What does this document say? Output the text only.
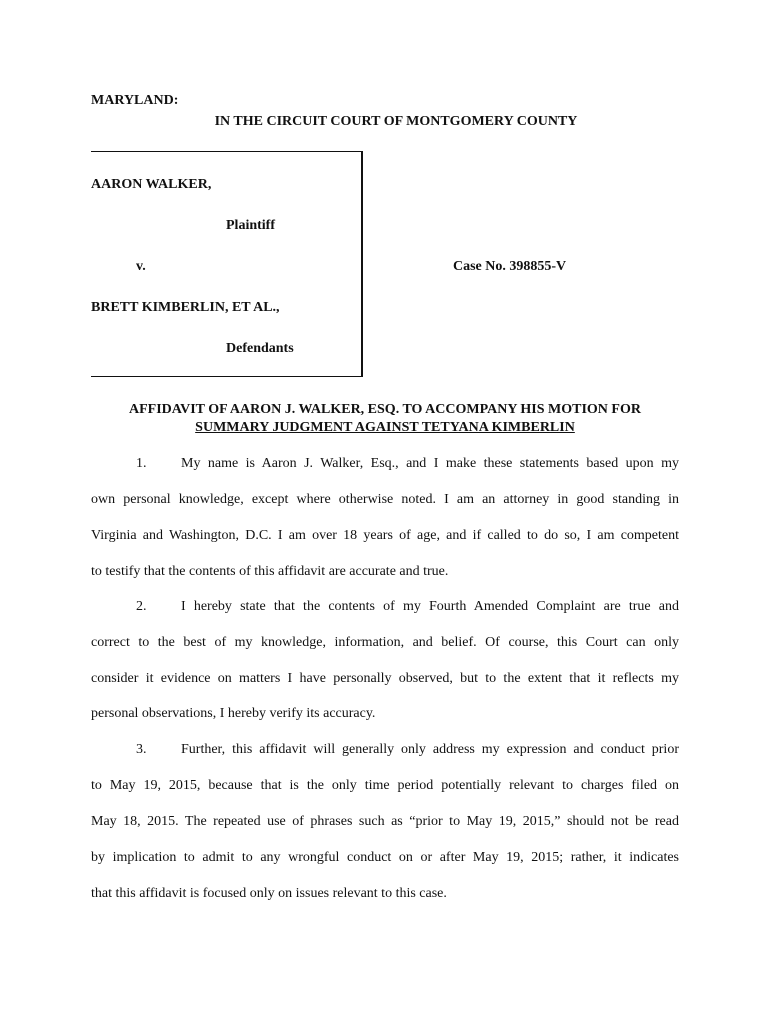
MARYLAND:
IN THE CIRCUIT COURT OF MONTGOMERY COUNTY
AARON WALKER,
Plaintiff
v.	Case No. 398855-V
BRETT KIMBERLIN, ET AL.,
Defendants
AFFIDAVIT OF AARON J. WALKER, ESQ. TO ACCOMPANY HIS MOTION FOR
SUMMARY JUDGMENT AGAINST TETYANA KIMBERLIN
1. My name is Aaron J. Walker, Esq., and I make these statements based upon my
own personal knowledge, except where otherwise noted. I am an attorney in good standing in
Virginia and Washington, D.C. I am over 18 years of age, and if called to do so, I am competent
to testify that the contents of this affidavit are accurate and true.
2. I hereby state that the contents of my Fourth Amended Complaint are true and
correct to the best of my knowledge, information, and belief. Of course, this Court can only
consider it evidence on matters I have personally observed, but to the extent that it reflects my
personal observations, I hereby verify its accuracy.
3. Further, this affidavit will generally only address my expression and conduct prior
to May 19, 2015, because that is the only time period potentially relevant to charges filed on
May 18, 2015. The repeated use of phrases such as “prior to May 19, 2015,” should not be read
by implication to admit to any wrongful conduct on or after May 19, 2015; rather, it indicates
that this affidavit is focused only on issues relevant to this case.
